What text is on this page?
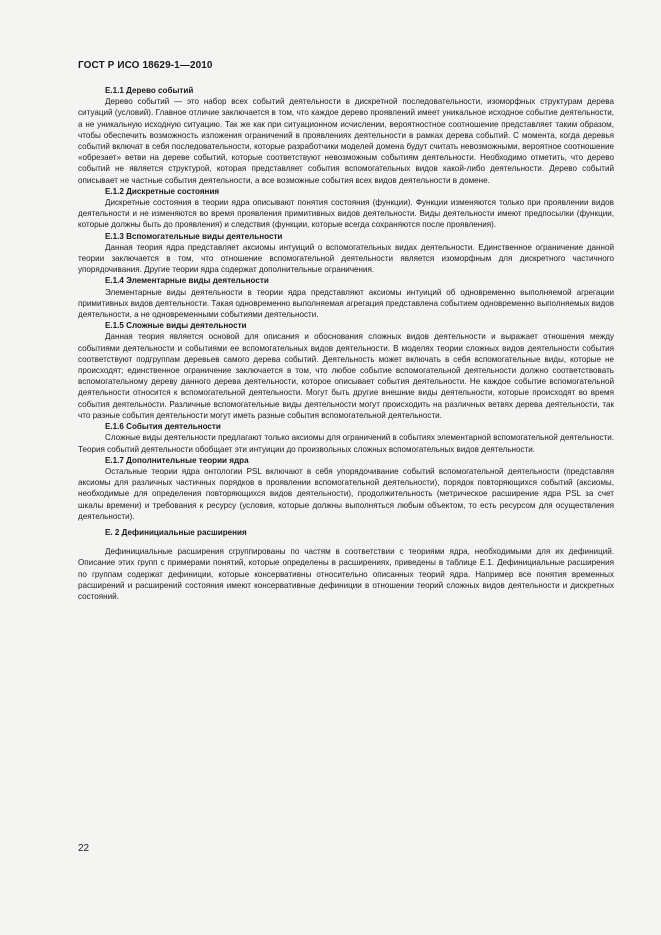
ГОСТ Р ИСО 18629-1—2010
Е.1.1 Дерево событий
Дерево событий — это набор всех событий деятельности в дискретной последовательности, изоморфных структурам дерева ситуаций (условий). Главное отличие заключается в том, что каждое дерево проявлений имеет уникальное исходное событие деятельности, а не уникальную исходную ситуацию. Так же как при ситуационном исчислении, вероятностное соотношение представляет таким образом, чтобы обеспечить возможность изложения ограничений в проявлениях деятельности в рамках дерева событий. С момента, когда деревья событий включат в себя последовательности, которые разработчики моделей домена будут считать невозможными, вероятное соотношение «обрезает» ветви на дереве событий, которые соответствуют невозможным событиям деятельности. Необходимо отметить, что дерево событий не является структурой, которая представляет события вспомогательных видов какой-либо деятельности. Дерево событий описывает не частные события деятельности, а все возможные события всех видов деятельности в домене.
Е.1.2 Дискретные состояния
Дискретные состояния в теории ядра описывают понятия состояния (функции). Функции изменяются только при проявлении видов деятельности и не изменяются во время проявления примитивных видов деятельности. Виды деятельности имеют предпосылки (функции, которые должны быть до проявления) и следствия (функции, которые всегда сохраняются после проявления).
Е.1.3 Вспомогательные виды деятельности
Данная теория ядра представляет аксиомы интуиций о вспомогательных видах деятельности. Единственное ограничение данной теории заключается в том, что отношение вспомогательной деятельности является изоморфным для дискретного частичного упорядочивания. Другие теории ядра содержат дополнительные ограничения.
Е.1.4 Элементарные виды деятельности
Элементарные виды деятельности в теории ядра представляют аксиомы интуиций об одновременно выполняемой агрегации примитивных видов деятельности. Такая одновременно выполняемая агрегация представлена событием одновременно выполняемых видов деятельности, а не одновременными событиями деятельности.
Е.1.5 Сложные виды деятельности
Данная теория является основой для описания и обоснования сложных видов деятельности и выражает отношения между событиями деятельности и событиями ее вспомогательных видов деятельности. В моделях теории сложных видов деятельности события соответствуют подгруппам деревьев самого дерева событий. Деятельность может включать в себя вспомогательные виды, которые не происходят; единственное ограничение заключается в том, что любое событие вспомогательной деятельности должно соответствовать вспомогательному дереву данного дерева деятельности, которое описывает события деятельности. Не каждое событие вспомогательной деятельности относится к вспомогательной деятельности. Могут быть другие внешние виды деятельности, которые происходят во время события деятельности. Различные вспомогательные виды деятельности могут происходить на различных ветвях дерева деятельности, так что разные события деятельности могут иметь разные события вспомогательной деятельности.
Е.1.6 События деятельности
Сложные виды деятельности предлагают только аксиомы для ограничений в событиях элементарной вспомогательной деятельности. Теория событий деятельности обобщает эти интуиции до произвольных сложных вспомогательных видов деятельности.
Е.1.7 Дополнительные теории ядра
Остальные теории ядра онтологии PSL включают в себя упорядочивание событий вспомогательной деятельности (представляя аксиомы для различных частичных порядков в проявлении вспомогательной деятельности), порядок повторяющихся событий (аксиомы, необходимые для определения повторяющихся видов деятельности), продолжительность (метрическое расширение ядра PSL за счет шкалы времени) и требования к ресурсу (условия, которые должны выполняться любым объектом, то есть ресурсом для осуществления деятельности).
Е. 2 Дефинициальные расширения
Дефинициальные расширения сгруппированы по частям в соответствии с теориями ядра, необходимыми для их дефиниций. Описание этих групп с примерами понятий, которые определены в расширениях, приведены в таблице Е.1. Дефинициальные расширения по группам содержат дефиниции, которые консервативны относительно описанных теорий ядра. Например все понятия временных расширений и расширений состояния имеют консервативные дефиниции в отношении теорий сложных видов деятельности и дискретных состояний.
22
